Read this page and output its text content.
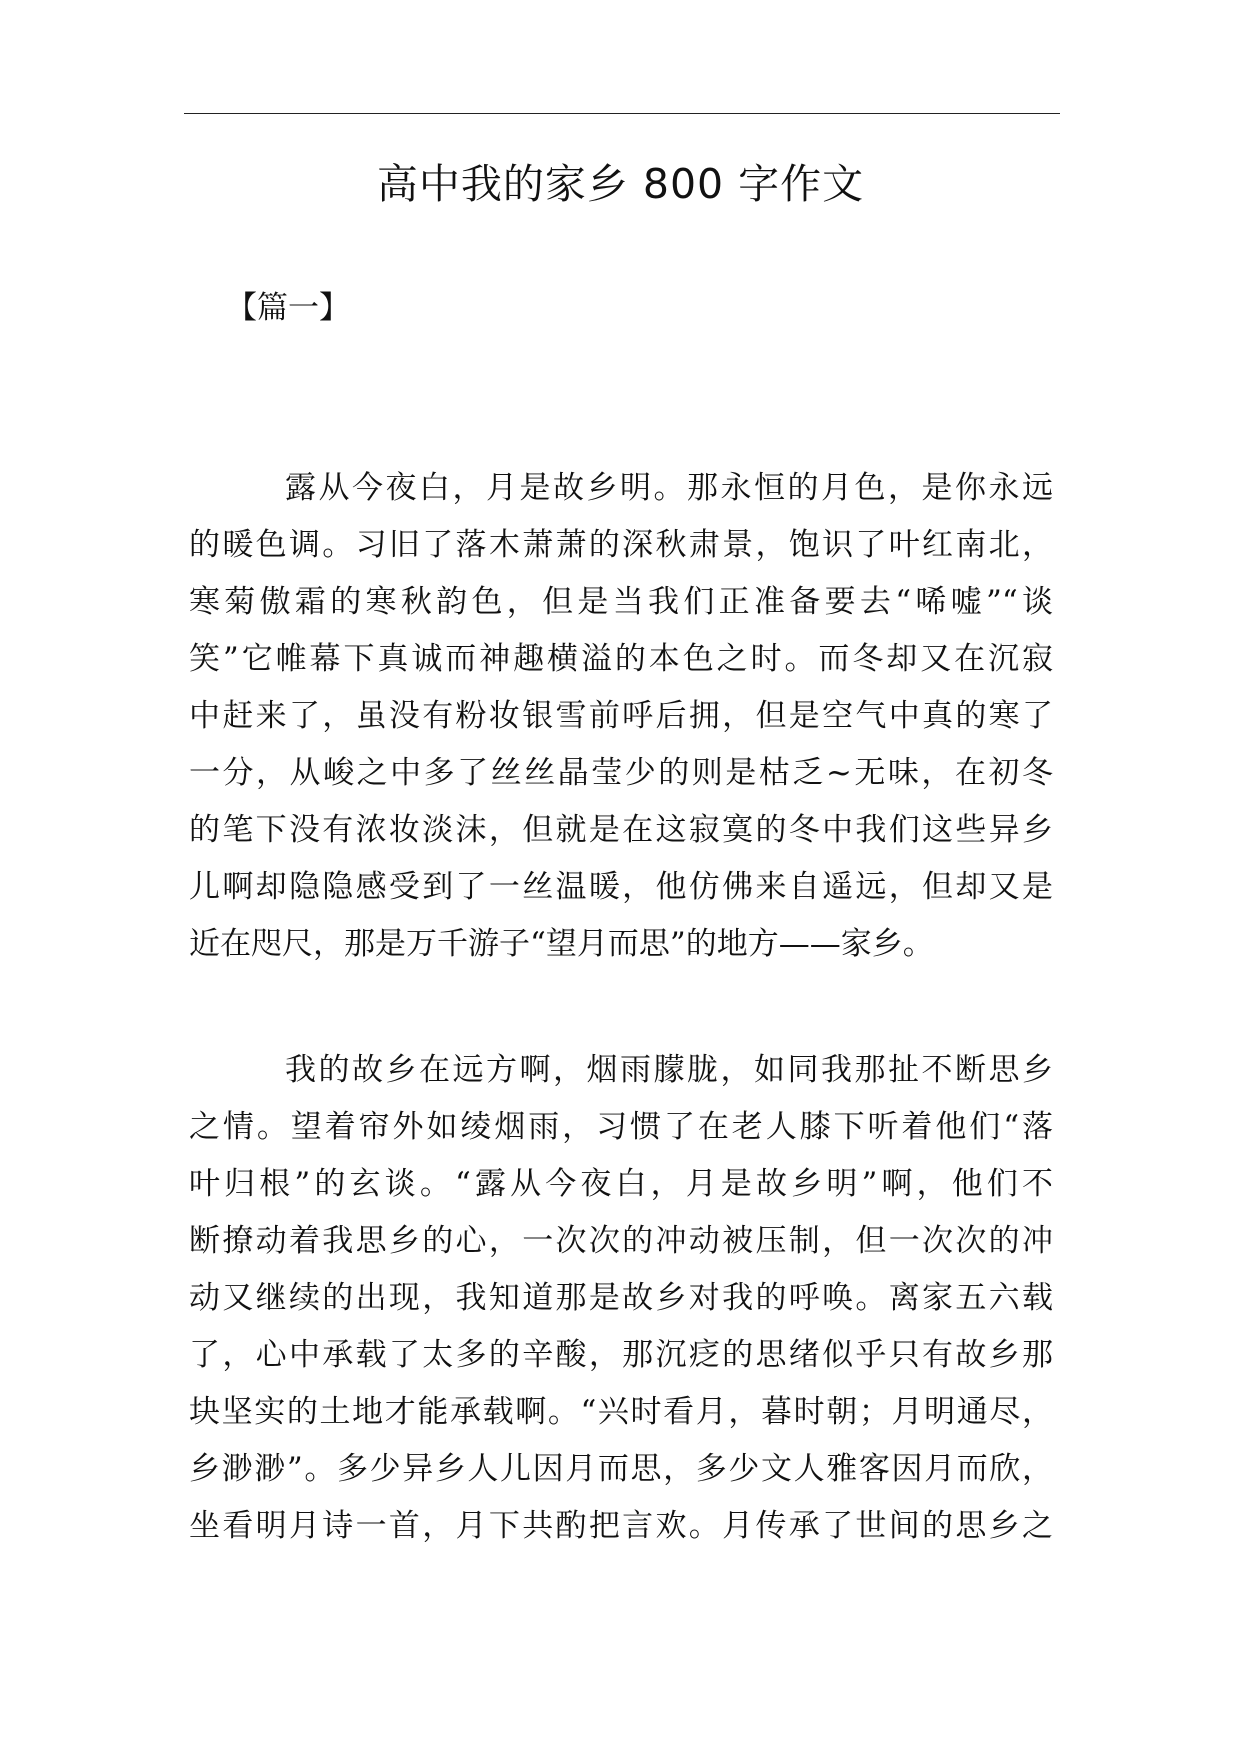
高中我的家乡 800 字作文

【篇一】

露从今夜白，月是故乡明。那永恒的月色，是你永远
的暖色调。习旧了落木萧萧的深秋肃景，饱识了叶红南北，
寒菊傲霜的寒秋韵色，但是当我们正准备要去“唏嘘”“谈
笑”它帷幕下真诚而神趣横溢的本色之时。而冬却又在沉寂
中赶来了，虽没有粉妆银雪前呼后拥，但是空气中真的寒了
一分，从峻之中多了丝丝晶莹少的则是枯乏~无味，在初冬
的笔下没有浓妆淡沫，但就是在这寂寞的冬中我们这些异乡
儿啊却隐隐感受到了一丝温暖，他仿佛来自遥远，但却又是
近在咫尺，那是万千游子“望月而思”的地方——家乡。
我的故乡在远方啊，烟雨朦胧，如同我那扯不断思乡
之情。望着帘外如绫烟雨，习惯了在老人膝下听着他们“落
叶归根”的玄谈。“露从今夜白，月是故乡明”啊，他们不
断撩动着我思乡的心，一次次的冲动被压制，但一次次的冲
动又继续的出现，我知道那是故乡对我的呼唤。离家五六载
了，心中承载了太多的辛酸，那沉疺的思绪似乎只有故乡那
块坚实的土地才能承载啊。“兴时看月，暮时朝；月明通尽，
乡渺渺”。多少异乡人儿因月而思，多少文人雅客因月而欣，
坐看明月诗一首，月下共酌把言欢。月传承了世间的思乡之
